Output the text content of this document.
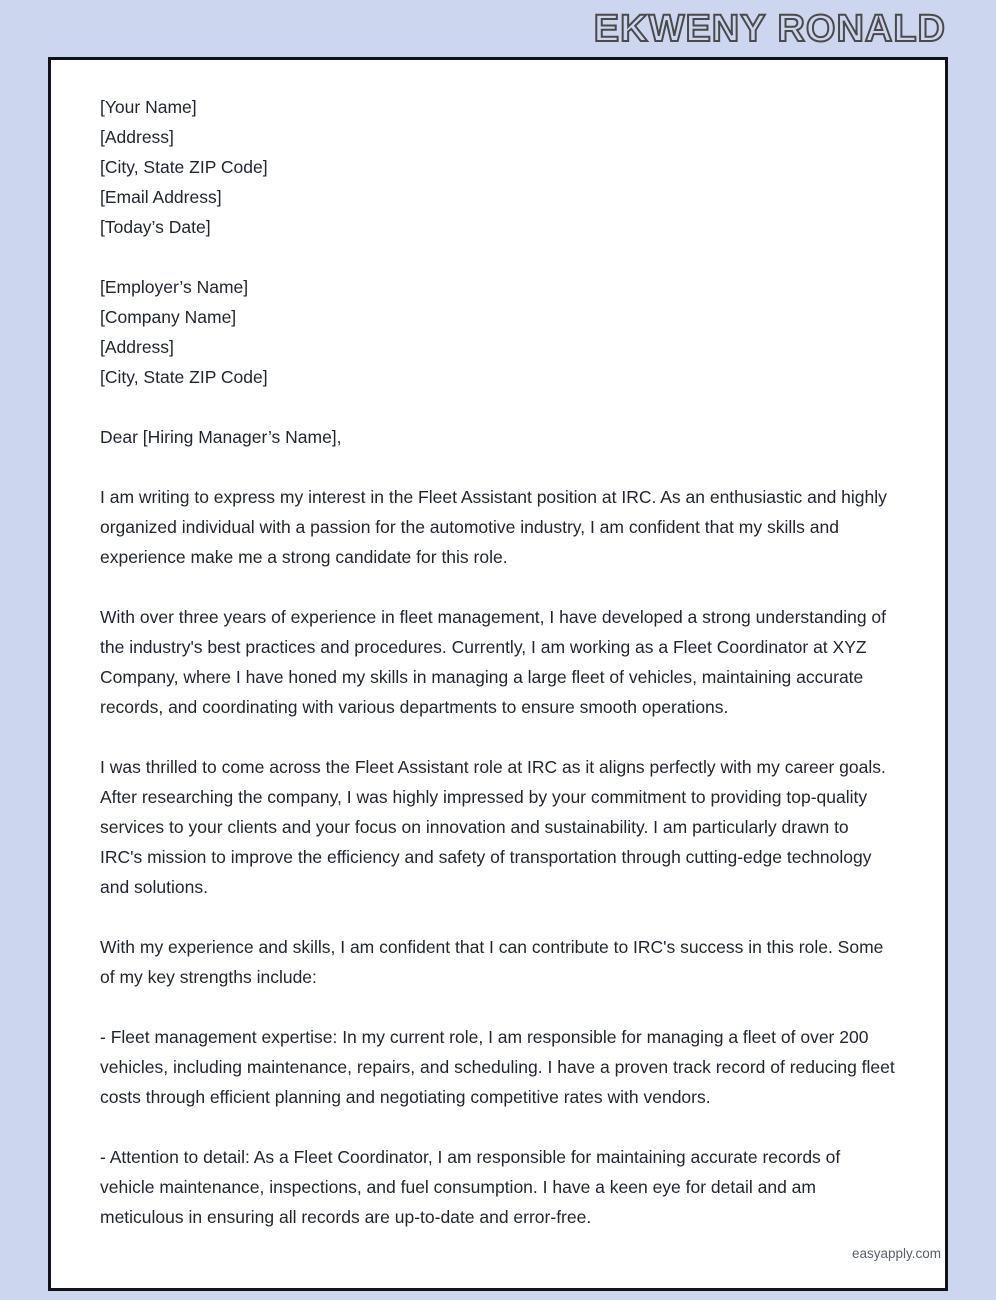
EKWENY RONALD
[Your Name]
[Address]
[City, State ZIP Code]
[Email Address]
[Today’s Date]
[Employer’s Name]
[Company Name]
[Address]
[City, State ZIP Code]
Dear [Hiring Manager’s Name],

I am writing to express my interest in the Fleet Assistant position at IRC. As an enthusiastic and highly organized individual with a passion for the automotive industry, I am confident that my skills and experience make me a strong candidate for this role.

With over three years of experience in fleet management, I have developed a strong understanding of the industry's best practices and procedures. Currently, I am working as a Fleet Coordinator at XYZ Company, where I have honed my skills in managing a large fleet of vehicles, maintaining accurate records, and coordinating with various departments to ensure smooth operations.

I was thrilled to come across the Fleet Assistant role at IRC as it aligns perfectly with my career goals. After researching the company, I was highly impressed by your commitment to providing top-quality services to your clients and your focus on innovation and sustainability. I am particularly drawn to IRC's mission to improve the efficiency and safety of transportation through cutting-edge technology and solutions.

With my experience and skills, I am confident that I can contribute to IRC's success in this role. Some of my key strengths include:

- Fleet management expertise: In my current role, I am responsible for managing a fleet of over 200 vehicles, including maintenance, repairs, and scheduling. I have a proven track record of reducing fleet costs through efficient planning and negotiating competitive rates with vendors.

- Attention to detail: As a Fleet Coordinator, I am responsible for maintaining accurate records of vehicle maintenance, inspections, and fuel consumption. I have a keen eye for detail and am meticulous in ensuring all records are up-to-date and error-free.

easyapply.com
